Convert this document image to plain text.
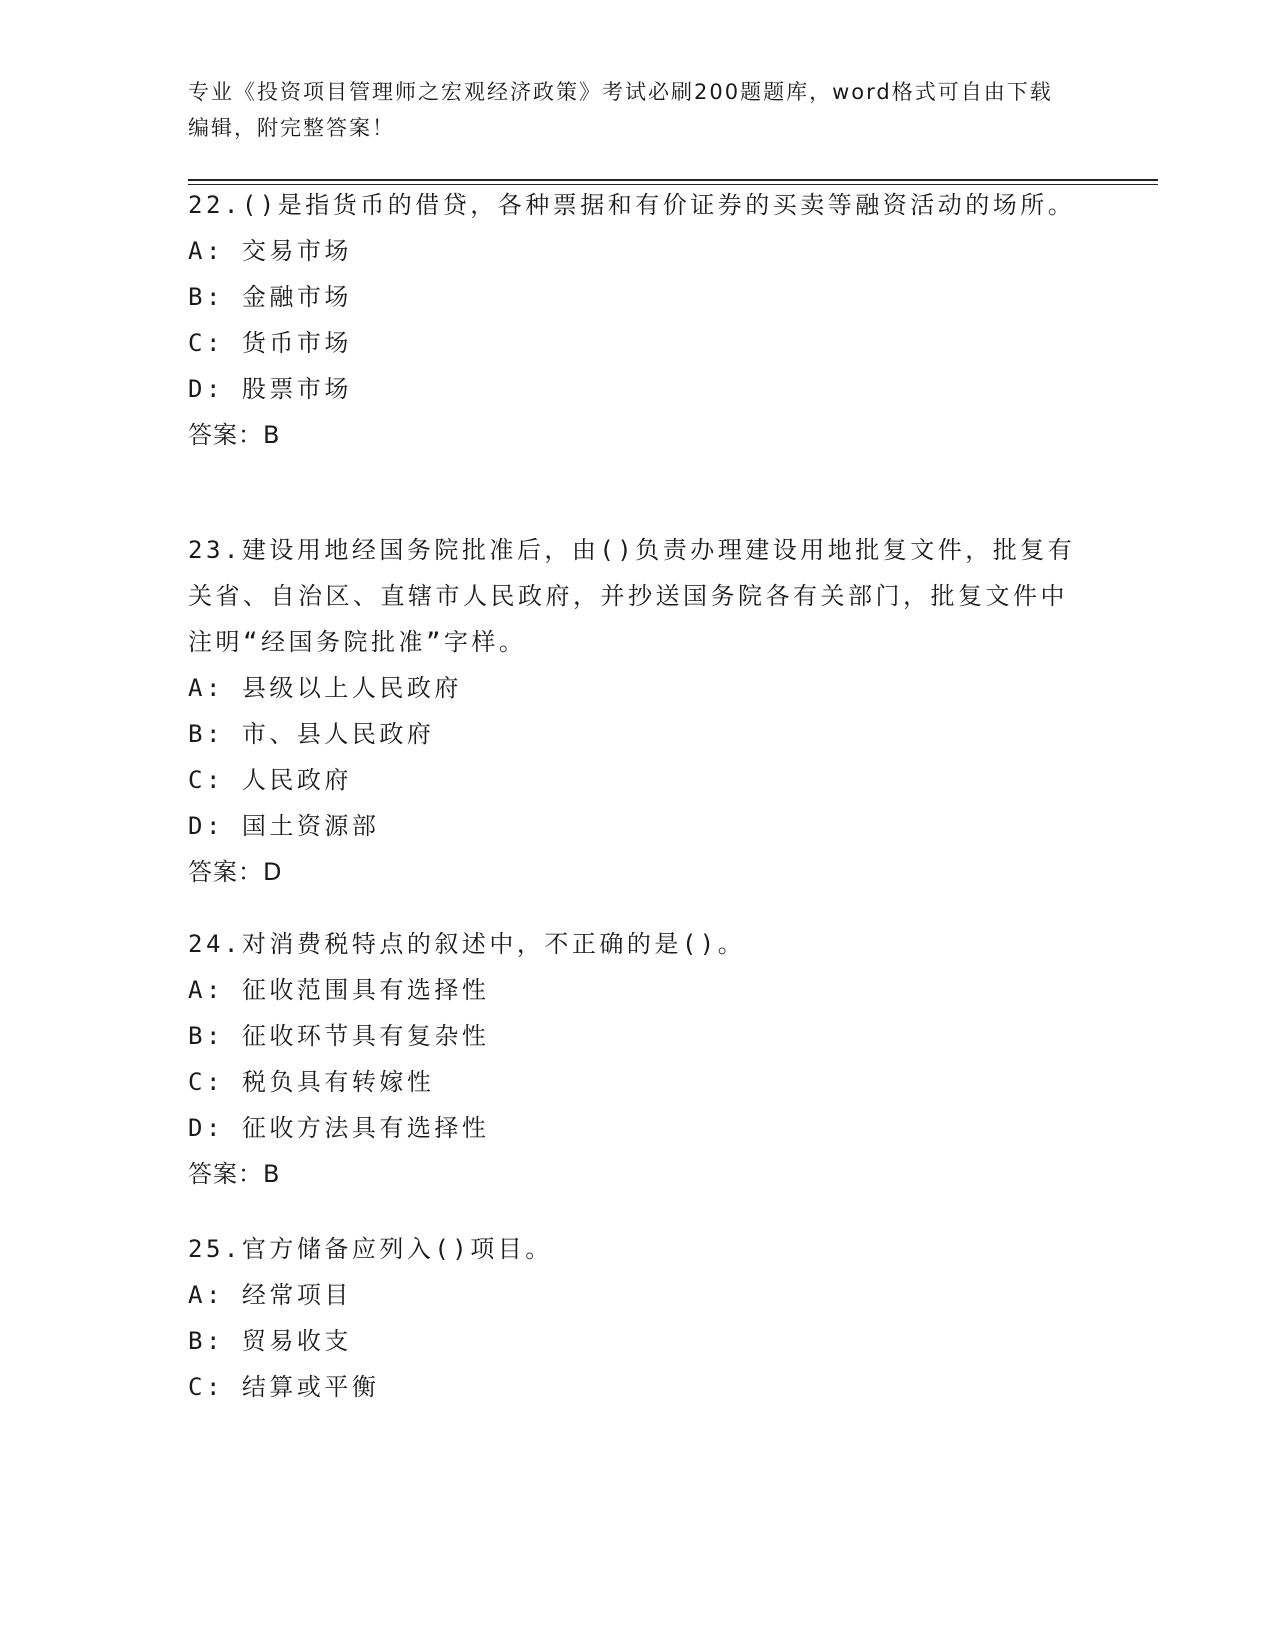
专业《投资项目管理师之宏观经济政策》考试必刷200题题库，word格式可自由下载编辑，附完整答案！
22.()是指货币的借贷，各种票据和有价证券的买卖等融资活动的场所。
A: 交易市场
B: 金融市场
C: 货币市场
D: 股票市场
答案：B
23.建设用地经国务院批准后，由()负责办理建设用地批复文件，批复有关省、自治区、直辖市人民政府，并抄送国务院各有关部门，批复文件中注明“经国务院批准”字样。
A: 县级以上人民政府
B: 市、县人民政府
C: 人民政府
D: 国土资源部
答案：D
24.对消费税特点的叙述中，不正确的是()。
A: 征收范围具有选择性
B: 征收环节具有复杂性
C: 税负具有转嫁性
D: 征收方法具有选择性
答案：B
25.官方储备应列入()项目。
A: 经常项目
B: 贸易收支
C: 结算或平衡
